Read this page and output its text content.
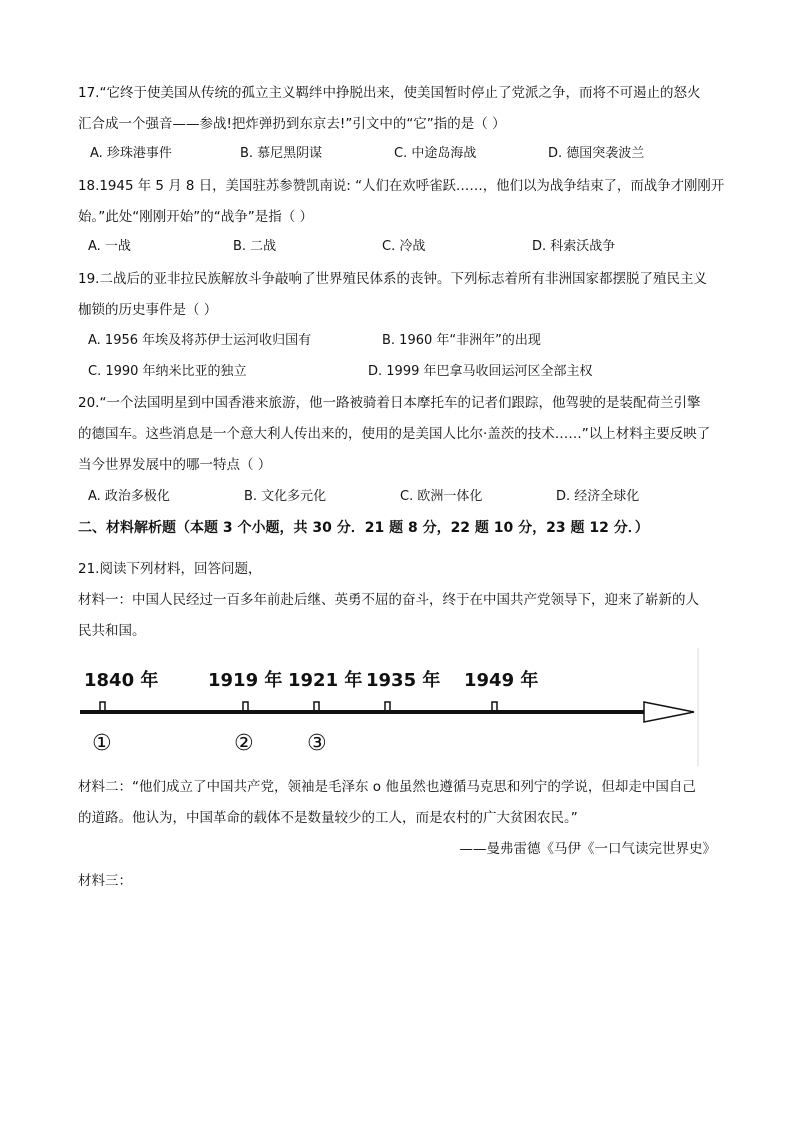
17.“它终于使美国从传统的孤立主义羁绊中挣脱出来，使美国暂时停止了党派之争，而将不可遏止的怒火
汇合成一个强音——参战!把炸弹扔到东京去!”引文中的“它”指的是（ ）
A. 珍珠港事件	B. 慕尼黑阴谋	C. 中途岛海战	D. 德国突袭波兰
18.1945 年 5 月 8 日，美国驻苏参赞凯南说: “人们在欢呼雀跃……，他们以为战争结束了，而战争才刚刚开
始。”此处“刚刚开始”的“战争”是指（ ）
A. 一战	B. 二战	C. 冷战	D. 科索沃战争
19.二战后的亚非拉民族解放斗争敲响了世界殖民体系的丧钟。下列标志着所有非洲国家都摆脱了殖民主义
枷锁的历史事件是（ ）
A. 1956 年埃及将苏伊士运河收归国有	B. 1960 年“非洲年”的出现
C. 1990 年纳米比亚的独立	D. 1999 年巴拿马收回运河区全部主权
20.“一个法国明星到中国香港来旅游，他一路被骑着日本摩托车的记者们跟踪，他驾驶的是装配荷兰引擎
的德国车。这些消息是一个意大利人传出来的，使用的是美国人比尔·盖茨的技术……”以上材料主要反映了
当今世界发展中的哪一特点（ ）
A. 政治多极化	B. 文化多元化	C. 欧洲一体化	D. 经济全球化
二、材料解析题（本题 3 个小题，共 30 分．21 题 8 分，22 题 10 分，23 题 12 分．）
21.阅读下列材料，回答问题，
材料一：中国人民经过一百多年前赴后继、英勇不屈的奋斗，终于在中国共产党领导下，迎来了崭新的人
民共和国。
1840 年	1919 年 1921 年 1935 年 1949 年
①	② ③
材料二：“他们成立了中国共产党，领袖是毛泽东 o 他虽然也遵循马克思和列宁的学说，但却走中国自己
的道路。他认为，中国革命的载体不是数量较少的工人，而是农村的广大贫困农民。”
——曼弗雷德《马伊《一口气读完世界史》
材料三：
